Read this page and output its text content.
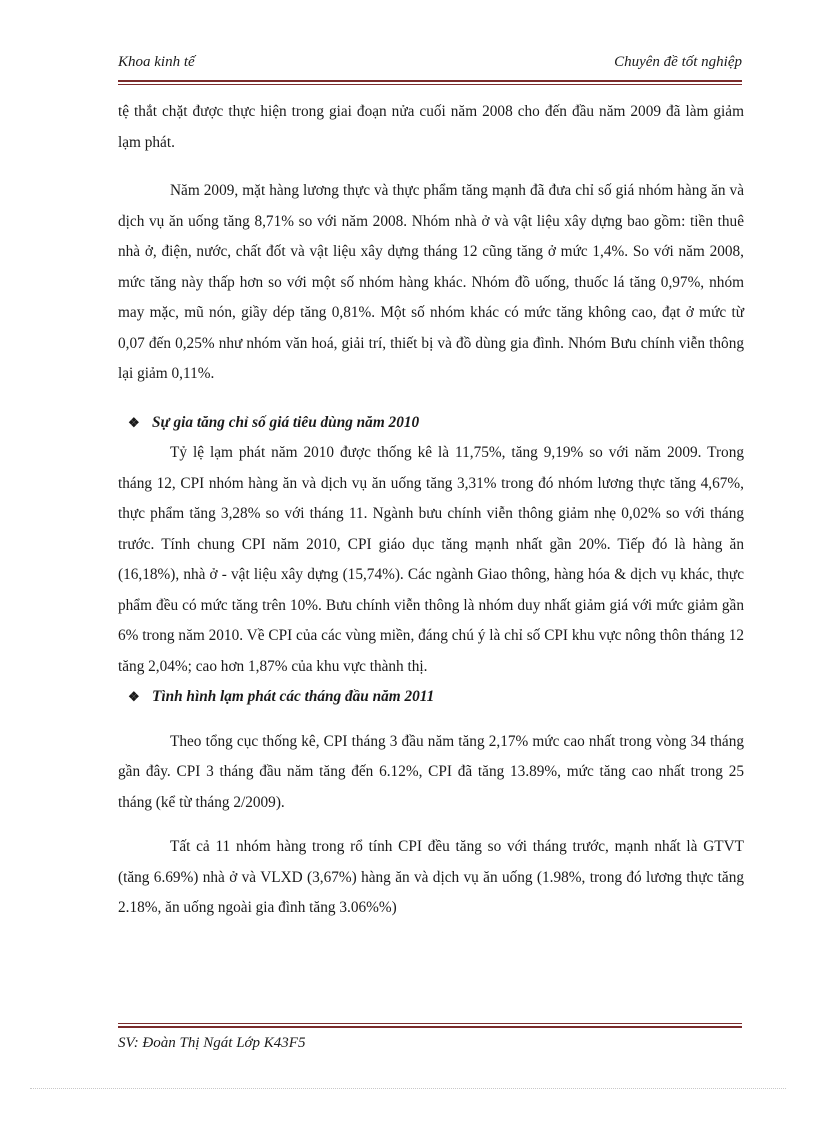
Khoa kinh tế	Chuyên đề tốt nghiệp

tệ thắt chặt được thực hiện trong giai đoạn nửa cuối năm 2008 cho đến đầu năm 2009 đã làm giảm lạm phát.

Năm 2009, mặt hàng lương thực và thực phẩm tăng mạnh đã đưa chỉ số giá nhóm hàng ăn và dịch vụ ăn uống tăng 8,71% so với năm 2008. Nhóm nhà ở và vật liệu xây dựng bao gồm: tiền thuê nhà ở, điện, nước, chất đốt và vật liệu xây dựng tháng 12 cũng tăng ở mức 1,4%. So với năm 2008, mức tăng này thấp hơn so với một số nhóm hàng khác. Nhóm đồ uống, thuốc lá tăng 0,97%, nhóm may mặc, mũ nón, giầy dép tăng 0,81%. Một số nhóm khác có mức tăng không cao, đạt ở mức từ 0,07 đến 0,25% như nhóm văn hoá, giải trí, thiết bị và đồ dùng gia đình. Nhóm Bưu chính viễn thông lại giảm 0,11%.

❖ Sự gia tăng chỉ số giá tiêu dùng năm 2010

Tỷ lệ lạm phát năm 2010 được thống kê là 11,75%, tăng 9,19% so với năm 2009. Trong tháng 12, CPI nhóm hàng ăn và dịch vụ ăn uống tăng 3,31% trong đó nhóm lương thực tăng 4,67%, thực phẩm tăng 3,28% so với tháng 11. Ngành bưu chính viễn thông giảm nhẹ 0,02% so với tháng trước. Tính chung CPI năm 2010, CPI giáo dục tăng mạnh nhất gần 20%. Tiếp đó là hàng ăn (16,18%), nhà ở - vật liệu xây dựng (15,74%). Các ngành Giao thông, hàng hóa & dịch vụ khác, thực phẩm đều có mức tăng trên 10%. Bưu chính viễn thông là nhóm duy nhất giảm giá với mức giảm gần 6% trong năm 2010. Về CPI của các vùng miền, đáng chú ý là chỉ số CPI khu vực nông thôn tháng 12 tăng 2,04%; cao hơn 1,87% của khu vực thành thị.

❖ Tình hình lạm phát các tháng đầu năm 2011

Theo tổng cục thống kê, CPI tháng 3 đầu năm tăng 2,17% mức cao nhất trong vòng 34 tháng gần đây. CPI 3 tháng đầu năm tăng đến 6.12%, CPI đã tăng 13.89%, mức tăng cao nhất trong 25 tháng (kể từ tháng 2/2009).

Tất cả 11 nhóm hàng trong rổ tính CPI đều tăng so với tháng trước, mạnh nhất là GTVT (tăng 6.69%) nhà ở và VLXD (3,67%) hàng ăn và dịch vụ ăn uống (1.98%, trong đó lương thực tăng 2.18%, ăn uống ngoài gia đình tăng 3.06%%)

SV: Đoàn Thị Ngát Lớp K43F5
